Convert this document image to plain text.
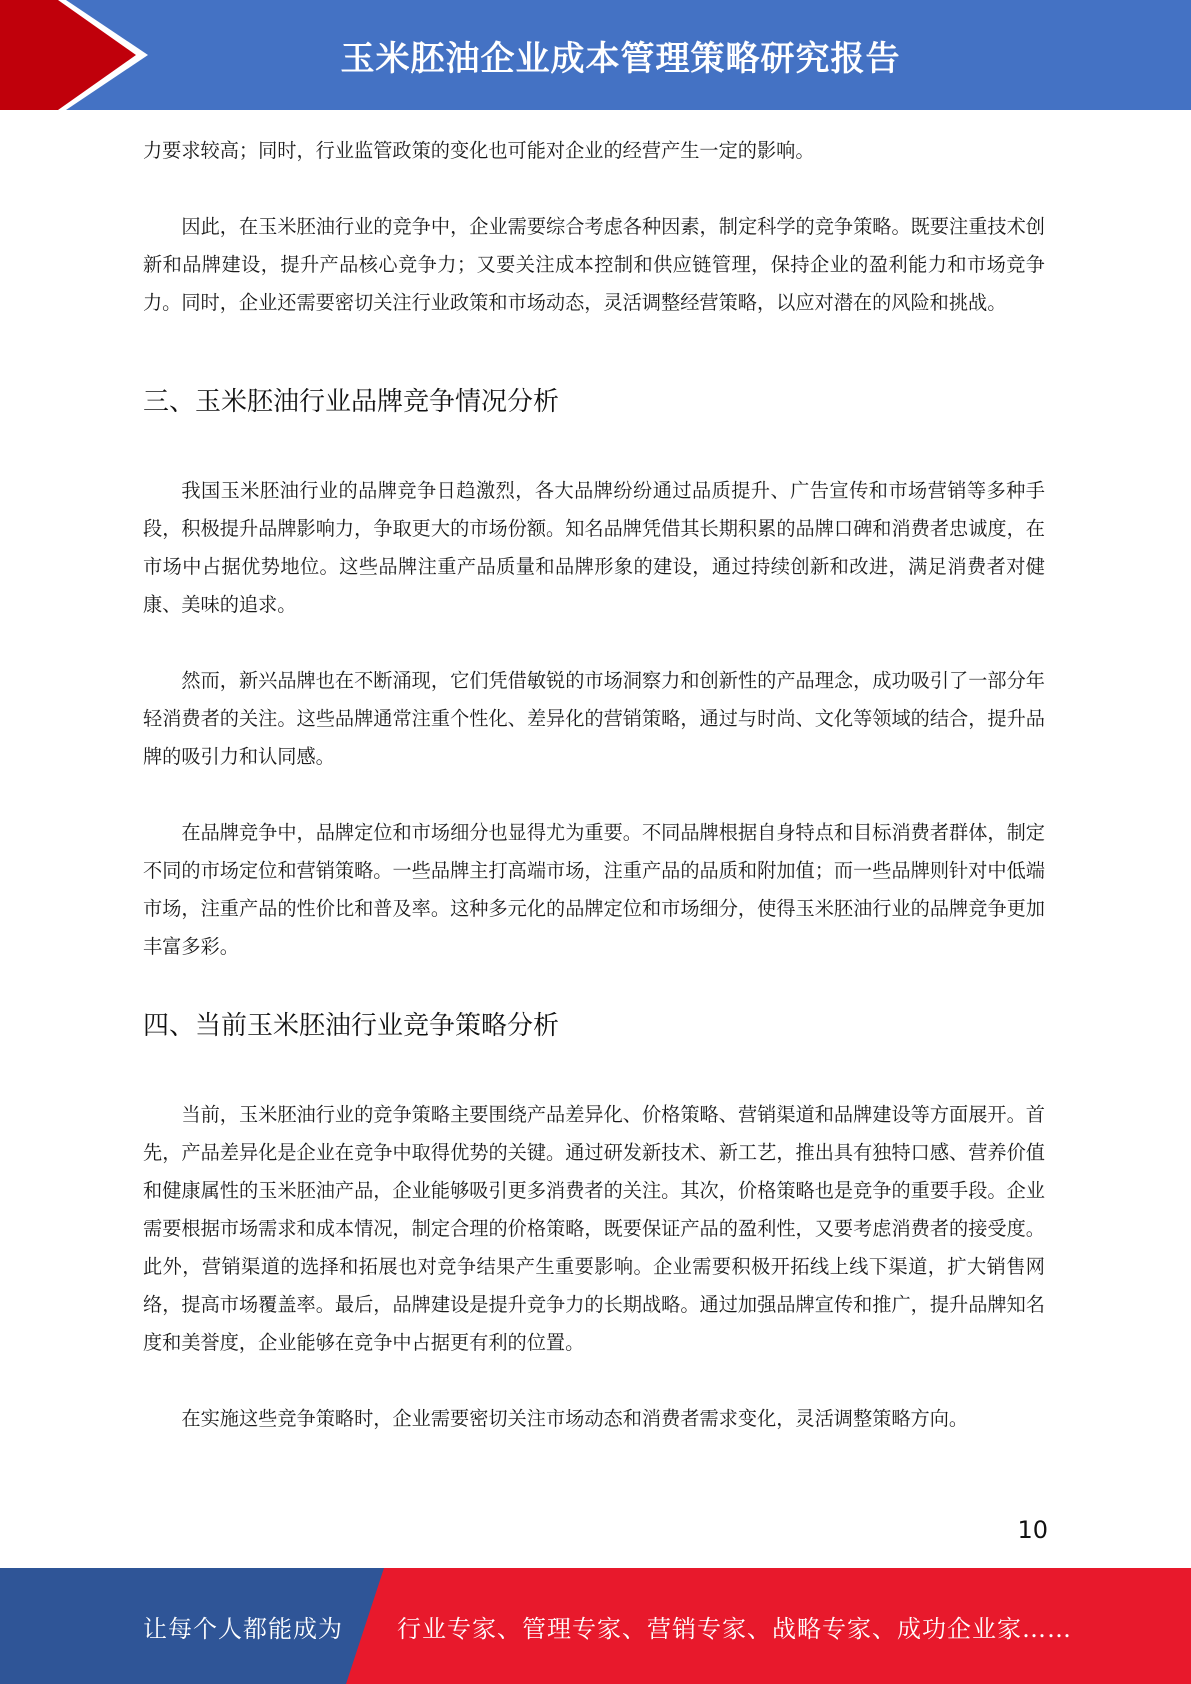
玉米胚油企业成本管理策略研究报告

力要求较高；同时，行业监管政策的变化也可能对企业的经营产生一定的影响。

因此，在玉米胚油行业的竞争中，企业需要综合考虑各种因素，制定科学的竞争策略。既要注重技术创新和品牌建设，提升产品核心竞争力；又要关注成本控制和供应链管理，保持企业的盈利能力和市场竞争力。同时，企业还需要密切关注行业政策和市场动态，灵活调整经营策略，以应对潜在的风险和挑战。

三、玉米胚油行业品牌竞争情况分析

我国玉米胚油行业的品牌竞争日趋激烈，各大品牌纷纷通过品质提升、广告宣传和市场营销等多种手段，积极提升品牌影响力，争取更大的市场份额。知名品牌凭借其长期积累的品牌口碑和消费者忠诚度，在市场中占据优势地位。这些品牌注重产品质量和品牌形象的建设，通过持续创新和改进，满足消费者对健康、美味的追求。

然而，新兴品牌也在不断涌现，它们凭借敏锐的市场洞察力和创新性的产品理念，成功吸引了一部分年轻消费者的关注。这些品牌通常注重个性化、差异化的营销策略，通过与时尚、文化等领域的结合，提升品牌的吸引力和认同感。

在品牌竞争中，品牌定位和市场细分也显得尤为重要。不同品牌根据自身特点和目标消费者群体，制定不同的市场定位和营销策略。一些品牌主打高端市场，注重产品的品质和附加值；而一些品牌则针对中低端市场，注重产品的性价比和普及率。这种多元化的品牌定位和市场细分，使得玉米胚油行业的品牌竞争更加丰富多彩。

四、当前玉米胚油行业竞争策略分析

当前，玉米胚油行业的竞争策略主要围绕产品差异化、价格策略、营销渠道和品牌建设等方面展开。首先，产品差异化是企业在竞争中取得优势的关键。通过研发新技术、新工艺，推出具有独特口感、营养价值和健康属性的玉米胚油产品，企业能够吸引更多消费者的关注。其次，价格策略也是竞争的重要手段。企业需要根据市场需求和成本情况，制定合理的价格策略，既要保证产品的盈利性，又要考虑消费者的接受度。此外，营销渠道的选择和拓展也对竞争结果产生重要影响。企业需要积极开拓线上线下渠道，扩大销售网络，提高市场覆盖率。最后，品牌建设是提升竞争力的长期战略。通过加强品牌宣传和推广，提升品牌知名度和美誉度，企业能够在竞争中占据更有利的位置。

在实施这些竞争策略时，企业需要密切关注市场动态和消费者需求变化，灵活调整策略方向。

10
让每个人都能成为 行业专家、管理专家、营销专家、战略专家、成功企业家……
